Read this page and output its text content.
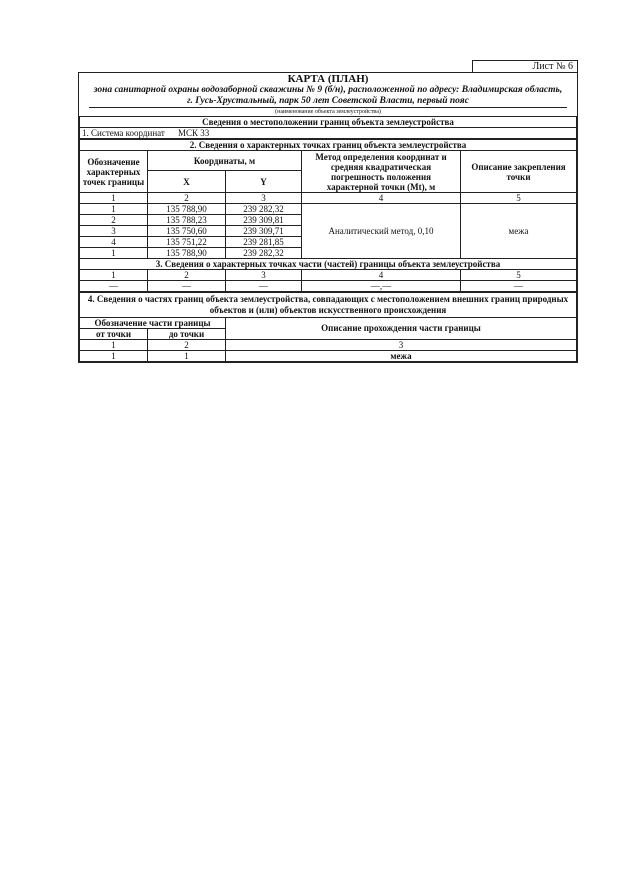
Лист № 6
КАРТА (ПЛАН)
зона санитарной охраны водозаборной скважины № 9 (б/н), расположенной по адресу: Владимирская область,
г. Гусь-Хрустальный, парк 50 лет Советской Власти, первый пояс
(наименование объекта землеустройства)
Сведения о местоположении границ объекта землеустройства
1. Система координат	МСК 33
2. Сведения о характерных точках границ объекта землеустройства				
Обозначение характерных точек границы	Координаты, м		Метод определения координат и средняя квадратическая погрешность положения характерной точки (Mt), м	Описание закрепления точки
	X	Y		
1	2	3	4	5
1	135 788,90	239 282,32	Аналитический метод, 0,10	межа
2	135 788,23	239 309,81		
3	135 750,60	239 309,71		
4	135 751,22	239 281,85		
1	135 788,90	239 282,32		
3. Сведения о характерных точках части (частей) границы объекта землеустройства				
1	2	3	4	5
—	—	—	—,—	—
4. Сведения о частях границ объекта землеустройства, совпадающих с местоположением внешних границ природных объектов и (или) объектов искусственного происхождения		
Обозначение части границы		Описание прохождения части границы
от точки	до точки	
1	2	3
1	1	межа
